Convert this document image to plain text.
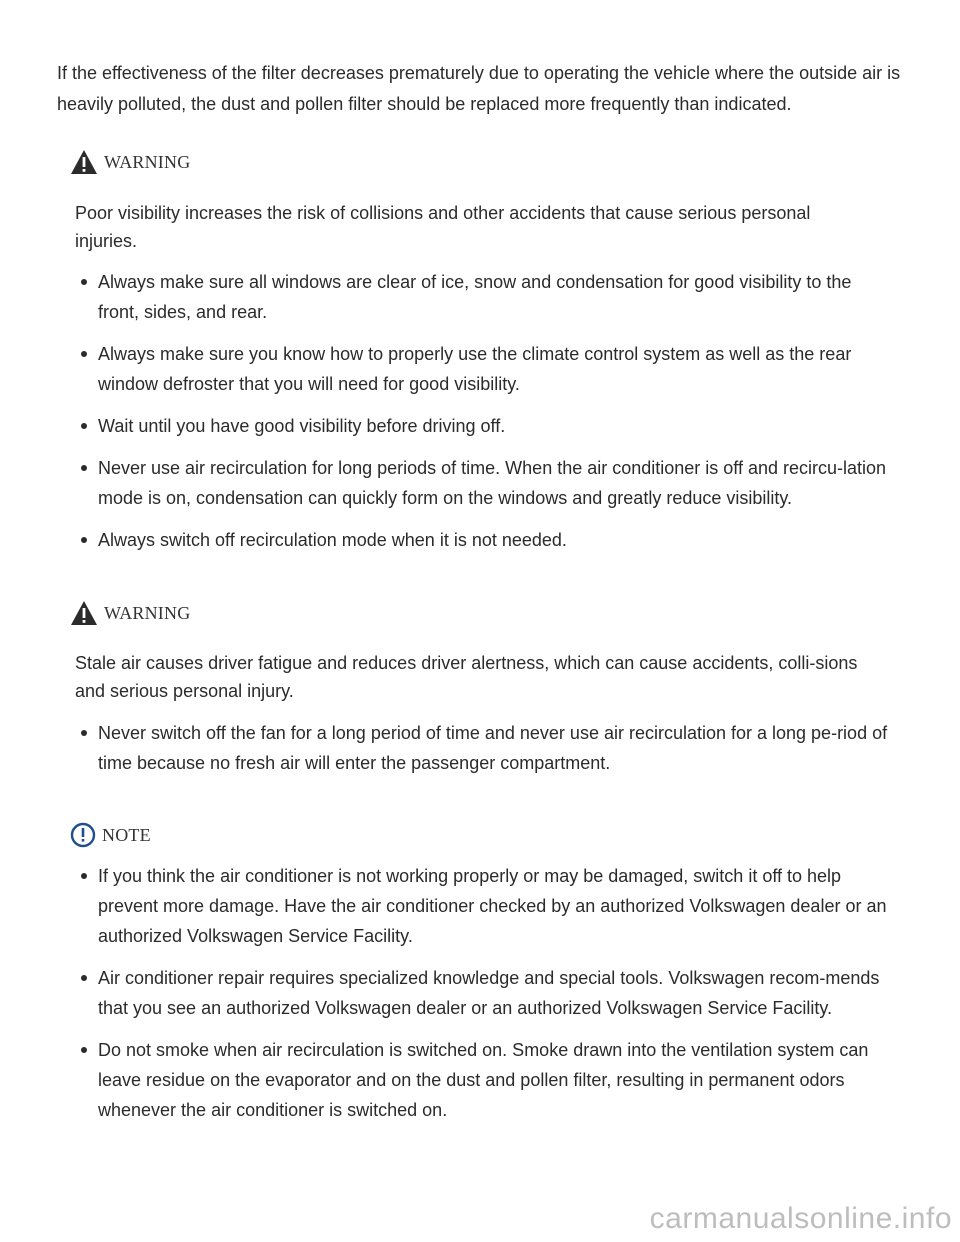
If the effectiveness of the filter decreases prematurely due to operating the vehicle where the outside air is heavily polluted, the dust and pollen filter should be replaced more frequently than indicated.

WARNING

Poor visibility increases the risk of collisions and other accidents that cause serious personal injuries.

Always make sure all windows are clear of ice, snow and condensation for good visibility to the front, sides, and rear.
Always make sure you know how to properly use the climate control system as well as the rear window defroster that you will need for good visibility.
Wait until you have good visibility before driving off.
Never use air recirculation for long periods of time. When the air conditioner is off and recircu-lation mode is on, condensation can quickly form on the windows and greatly reduce visibility.
Always switch off recirculation mode when it is not needed.
WARNING

Stale air causes driver fatigue and reduces driver alertness, which can cause accidents, colli-sions and serious personal injury.

Never switch off the fan for a long period of time and never use air recirculation for a long pe-riod of time because no fresh air will enter the passenger compartment.
NOTE
If you think the air conditioner is not working properly or may be damaged, switch it off to help prevent more damage. Have the air conditioner checked by an authorized Volkswagen dealer or an authorized Volkswagen Service Facility.
Air conditioner repair requires specialized knowledge and special tools. Volkswagen recom-mends that you see an authorized Volkswagen dealer or an authorized Volkswagen Service Facility.
Do not smoke when air recirculation is switched on. Smoke drawn into the ventilation system can leave residue on the evaporator and on the dust and pollen filter, resulting in permanent odors whenever the air conditioner is switched on.
carmanualsonline.info
